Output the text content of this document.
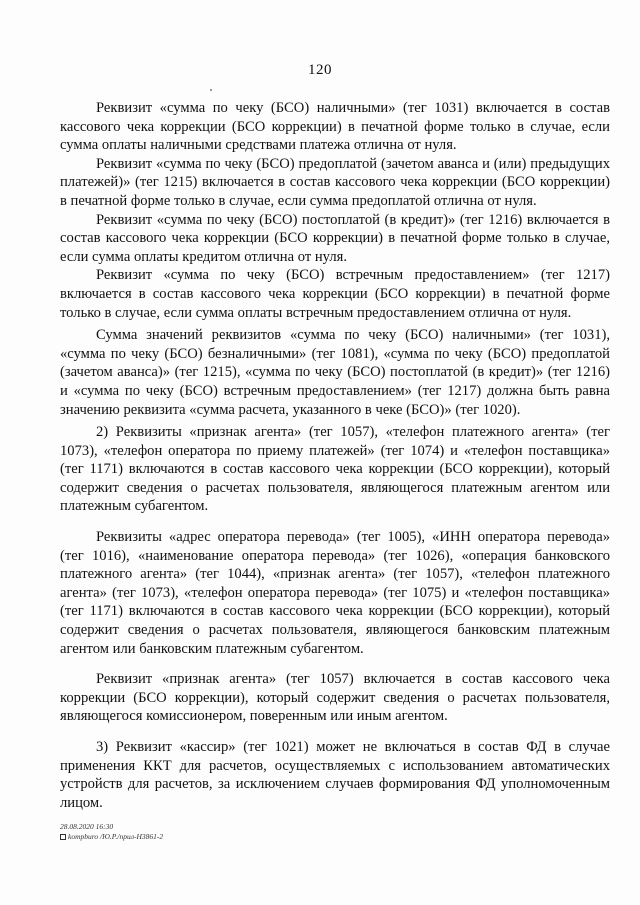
120

Реквизит «сумма по чеку (БСО) наличными» (тег 1031) включается в состав кассового чека коррекции (БСО коррекции) в печатной форме только в случае, если сумма оплаты наличными средствами платежа отлична от нуля.

Реквизит «сумма по чеку (БСО) предоплатой (зачетом аванса и (или) предыдущих платежей)» (тег 1215) включается в состав кассового чека коррекции (БСО коррекции) в печатной форме только в случае, если сумма предоплатой отлична от нуля.

Реквизит «сумма по чеку (БСО) постоплатой (в кредит)» (тег 1216) включается в состав кассового чека коррекции (БСО коррекции) в печатной форме только в случае, если сумма оплаты кредитом отлична от нуля.

Реквизит «сумма по чеку (БСО) встречным предоставлением» (тег 1217) включается в состав кассового чека коррекции (БСО коррекции) в печатной форме только в случае, если сумма оплаты встречным предоставлением отлична от нуля.

Сумма значений реквизитов «сумма по чеку (БСО) наличными» (тег 1031), «сумма по чеку (БСО) безналичными» (тег 1081), «сумма по чеку (БСО) предоплатой (зачетом аванса)» (тег 1215), «сумма по чеку (БСО) постоплатой (в кредит)» (тег 1216) и «сумма по чеку (БСО) встречным предоставлением» (тег 1217) должна быть равна значению реквизита «сумма расчета, указанного в чеке (БСО)» (тег 1020).

2) Реквизиты «признак агента» (тег 1057), «телефон платежного агента» (тег 1073), «телефон оператора по приему платежей» (тег 1074) и «телефон поставщика» (тег 1171) включаются в состав кассового чека коррекции (БСО коррекции), который содержит сведения о расчетах пользователя, являющегося платежным агентом или платежным субагентом.

Реквизиты «адрес оператора перевода» (тег 1005), «ИНН оператора перевода» (тег 1016), «наименование оператора перевода» (тег 1026), «операция банковского платежного агента» (тег 1044), «признак агента» (тег 1057), «телефон платежного агента» (тег 1073), «телефон оператора перевода» (тег 1075) и «телефон поставщика» (тег 1171) включаются в состав кассового чека коррекции (БСО коррекции), который содержит сведения о расчетах пользователя, являющегося банковским платежным агентом или банковским платежным субагентом.

Реквизит «признак агента» (тег 1057) включается в состав кассового чека коррекции (БСО коррекции), который содержит сведения о расчетах пользователя, являющегося комиссионером, поверенным или иным агентом.

3) Реквизит «кассир» (тег 1021) может не включаться в состав ФД в случае применения ККТ для расчетов, осуществляемых с использованием автоматических устройств для расчетов, за исключением случаев формирования ФД уполномоченным лицом.

28.08.2020 16:30
kompburo /Ю.Р./прил-Н3861-2
